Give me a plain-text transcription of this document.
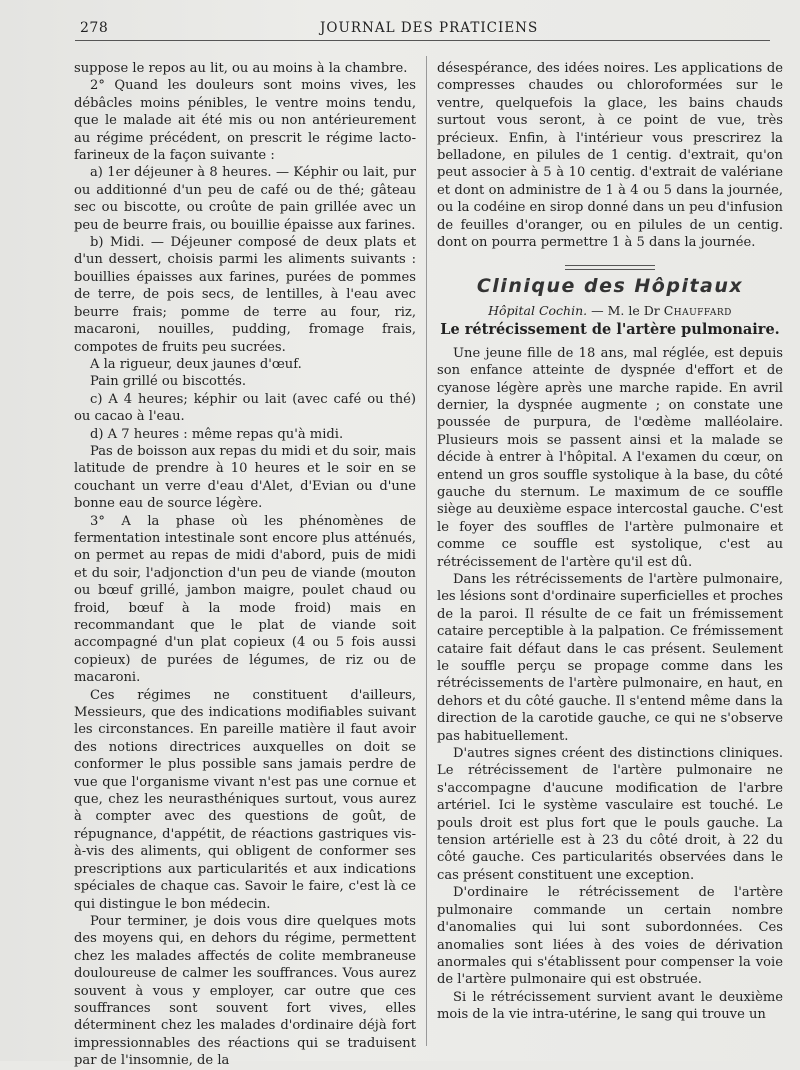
278	JOURNAL DES PRATICIENS

suppose le repos au lit, ou au moins à la chambre.

2° Quand les douleurs sont moins vives, les débâcles moins pénibles, le ventre moins tendu, que le malade ait été mis ou non antérieurement au régime précédent, on prescrit le régime lacto-farineux de la façon suivante :

a) 1er déjeuner à 8 heures. — Képhir ou lait, pur ou additionné d'un peu de café ou de thé; gâteau sec ou biscotte, ou croûte de pain grillée avec un peu de beurre frais, ou bouillie épaisse aux farines.

b) Midi. — Déjeuner composé de deux plats et d'un dessert, choisis parmi les aliments suivants : bouillies épaisses aux farines, purées de pommes de terre, de pois secs, de lentilles, à l'eau avec beurre frais; pomme de terre au four, riz, macaroni, nouilles, pudding, fromage frais, compotes de fruits peu sucrées.

A la rigueur, deux jaunes d'œuf.

Pain grillé ou biscottés.

c) A 4 heures; képhir ou lait (avec café ou thé) ou cacao à l'eau.

d) A 7 heures : même repas qu'à midi.

Pas de boisson aux repas du midi et du soir, mais latitude de prendre à 10 heures et le soir en se couchant un verre d'eau d'Alet, d'Evian ou d'une bonne eau de source légère.

3° A la phase où les phénomènes de fermentation intestinale sont encore plus atténués, on permet au repas de midi d'abord, puis de midi et du soir, l'adjonction d'un peu de viande (mouton ou bœuf grillé, jambon maigre, poulet chaud ou froid, bœuf à la mode froid) mais en recommandant que le plat de viande soit accompagné d'un plat copieux (4 ou 5 fois aussi copieux) de purées de légumes, de riz ou de macaroni.

Ces régimes ne constituent d'ailleurs, Messieurs, que des indications modifiables suivant les circonstances. En pareille matière il faut avoir des notions directrices auxquelles on doit se conformer le plus possible sans jamais perdre de vue que l'organisme vivant n'est pas une cornue et que, chez les neurasthéniques surtout, vous aurez à compter avec des questions de goût, de répugnance, d'appétit, de réactions gastriques vis-à-vis des aliments, qui obligent de conformer ses prescriptions aux particularités et aux indications spéciales de chaque cas. Savoir le faire, c'est là ce qui distingue le bon médecin.

Pour terminer, je dois vous dire quelques mots des moyens qui, en dehors du régime, permettent chez les malades affectés de colite membraneuse douloureuse de calmer les souffrances. Vous aurez souvent à vous y employer, car outre que ces souffrances sont souvent fort vives, elles déterminent chez les malades d'ordinaire déjà fort impressionnables des réactions qui se traduisent par de l'insomnie, de la

désespérance, des idées noires. Les applications de compresses chaudes ou chloroformées sur le ventre, quelquefois la glace, les bains chauds surtout vous seront, à ce point de vue, très précieux. Enfin, à l'intérieur vous prescrirez la belladone, en pilules de 1 centig. d'extrait, qu'on peut associer à 5 à 10 centig. d'extrait de valériane et dont on administre de 1 à 4 ou 5 dans la journée, ou la codéine en sirop donné dans un peu d'infusion de feuilles d'oranger, ou en pilules de un centig. dont on pourra permettre 1 à 5 dans la journée.

Clinique des Hôpitaux
Hôpital Cochin. — M. le Dr Chauffard
Le rétrécissement de l'artère pulmonaire.

Une jeune fille de 18 ans, mal réglée, est depuis son enfance atteinte de dyspnée d'effort et de cyanose légère après une marche rapide. En avril dernier, la dyspnée augmente ; on constate une poussée de purpura, de l'œdème malléolaire. Plusieurs mois se passent ainsi et la malade se décide à entrer à l'hôpital. A l'examen du cœur, on entend un gros souffle systolique à la base, du côté gauche du sternum. Le maximum de ce souffle siège au deuxième espace intercostal gauche. C'est le foyer des souffles de l'artère pulmonaire et comme ce souffle est systolique, c'est au rétrécissement de l'artère qu'il est dû.

Dans les rétrécissements de l'artère pulmonaire, les lésions sont d'ordinaire superficielles et proches de la paroi. Il résulte de ce fait un frémissement cataire perceptible à la palpation. Ce frémissement cataire fait défaut dans le cas présent. Seulement le souffle perçu se propage comme dans les rétrécissements de l'artère pulmonaire, en haut, en dehors et du côté gauche. Il s'entend même dans la direction de la carotide gauche, ce qui ne s'observe pas habituellement.

D'autres signes créent des distinctions cliniques. Le rétrécissement de l'artère pulmonaire ne s'accompagne d'aucune modification de l'arbre artériel. Ici le système vasculaire est touché. Le pouls droit est plus fort que le pouls gauche. La tension artérielle est à 23 du côté droit, à 22 du côté gauche. Ces particularités observées dans le cas présent constituent une exception.

D'ordinaire le rétrécissement de l'artère pulmonaire commande un certain nombre d'anomalies qui lui sont subordonnées. Ces anomalies sont liées à des voies de dérivation anormales qui s'établissent pour compenser la voie de l'artère pulmonaire qui est obstruée.

Si le rétrécissement survient avant le deuxième mois de la vie intra-utérine, le sang qui trouve un
